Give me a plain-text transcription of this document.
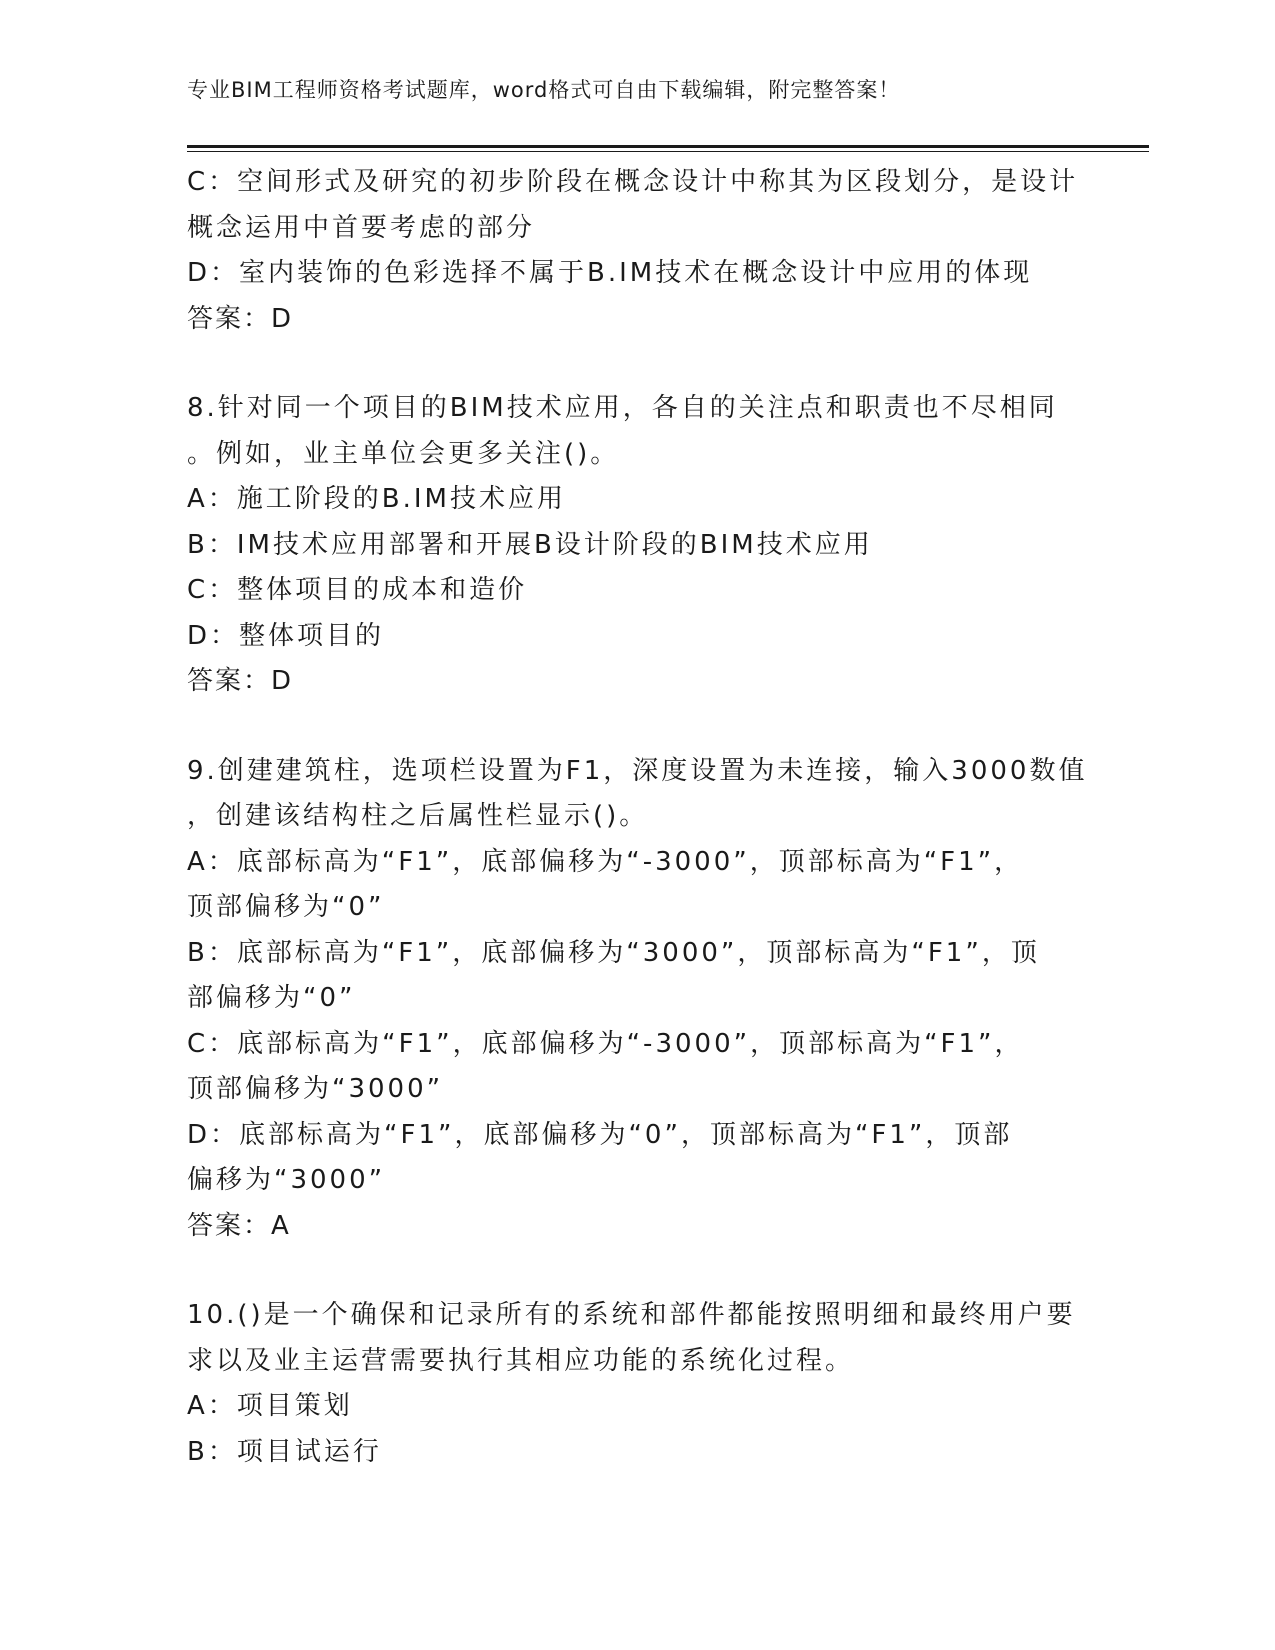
专业BIM工程师资格考试题库，word格式可自由下载编辑，附完整答案！
C：空间形式及研究的初步阶段在概念设计中称其为区段划分，是设计
概念运用中首要考虑的部分
D：室内装饰的色彩选择不属于B.IM技术在概念设计中应用的体现
答案：D
8.针对同一个项目的BIM技术应用，各自的关注点和职责也不尽相同
。例如，业主单位会更多关注()。
A：施工阶段的B.IM技术应用
B：IM技术应用部署和开展B设计阶段的BIM技术应用
C：整体项目的成本和造价
D：整体项目的
答案：D
9.创建建筑柱，选项栏设置为F1，深度设置为未连接，输入3000数值
，创建该结构柱之后属性栏显示()。
A：底部标高为“F1”，底部偏移为“-3000”，顶部标高为“F1”，
顶部偏移为“0”
B：底部标高为“F1”，底部偏移为“3000”，顶部标高为“F1”，顶
部偏移为“0”
C：底部标高为“F1”，底部偏移为“-3000”，顶部标高为“F1”，
顶部偏移为“3000”
D：底部标高为“F1”，底部偏移为“0”，顶部标高为“F1”，顶部
偏移为“3000”
答案：A
10.()是一个确保和记录所有的系统和部件都能按照明细和最终用户要
求以及业主运营需要执行其相应功能的系统化过程。
A：项目策划
B：项目试运行
